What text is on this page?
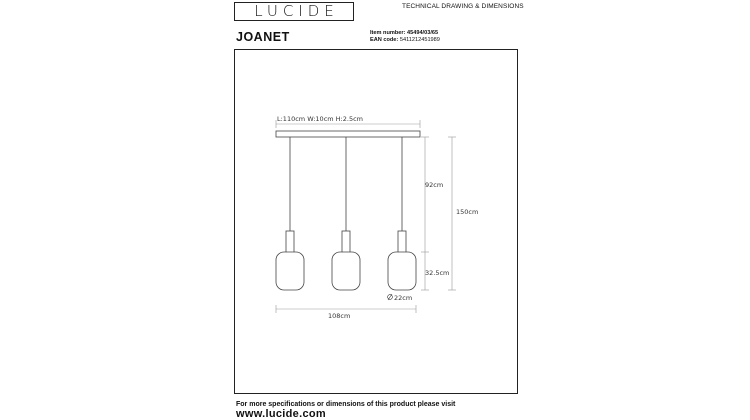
LUCIDE	TECHNICAL DRAWING & DIMENSIONS
JOANET	Item number: 45494/03/65
EAN code: 5411212451989
L:110cm W:10cm H:2.5cm
92cm
150cm
32.5cm
22cm
108cm
For more specifications or dimensions of this product please visit
www.lucide.com
